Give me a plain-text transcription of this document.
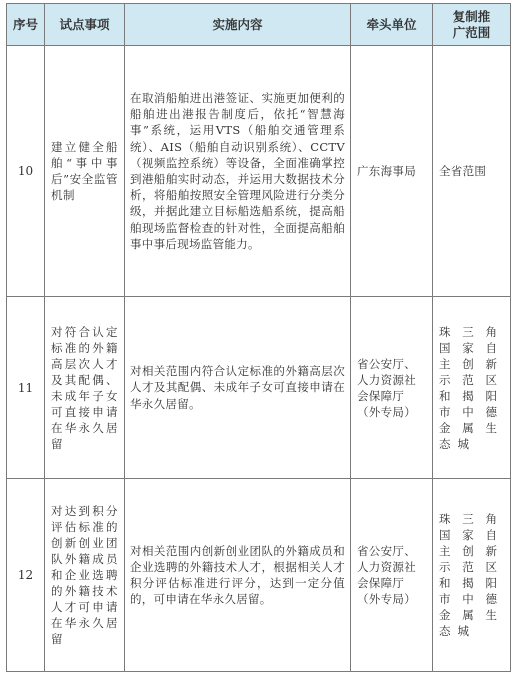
序号	试点事项	实施内容	牵头单位	复制推广范围
10	建立健全船舶“事中事后”安全监管机制	在取消船舶进出港签证、实施更加便利的船舶进出港报告制度后，依托“智慧海事”系统，运用VTS（船舶交通管理系统）、AIS（船舶自动识别系统）、CCTV（视频监控系统）等设备，全面准确掌控到港船舶实时动态，并运用大数据技术分析，将船舶按照安全管理风险进行分类分级，并据此建立目标船选船系统，提高船舶现场监督检查的针对性，全面提高船舶事中事后现场监管能力。	广东海事局	全省范围
11	对符合认定标准的外籍高层次人才及其配偶、未成年子女可直接申请在华永久居留	对相关范围内符合认定标准的外籍高层次人才及其配偶、未成年子女可直接申请在华永久居留。	省公安厅、人力资源社会保障厅（外专局）	珠三角国家自主创新示范区和揭阳市中德金属生态城
12	对达到积分评估标准的创新创业团队外籍成员和企业选聘的外籍技术人才可申请在华永久居留	对相关范围内创新创业团队的外籍成员和企业选聘的外籍技术人才，根据相关人才积分评估标准进行评分，达到一定分值的，可申请在华永久居留。	省公安厅、人力资源社会保障厅（外专局）	珠三角国家自主创新示范区和揭阳市中德金属生态城
